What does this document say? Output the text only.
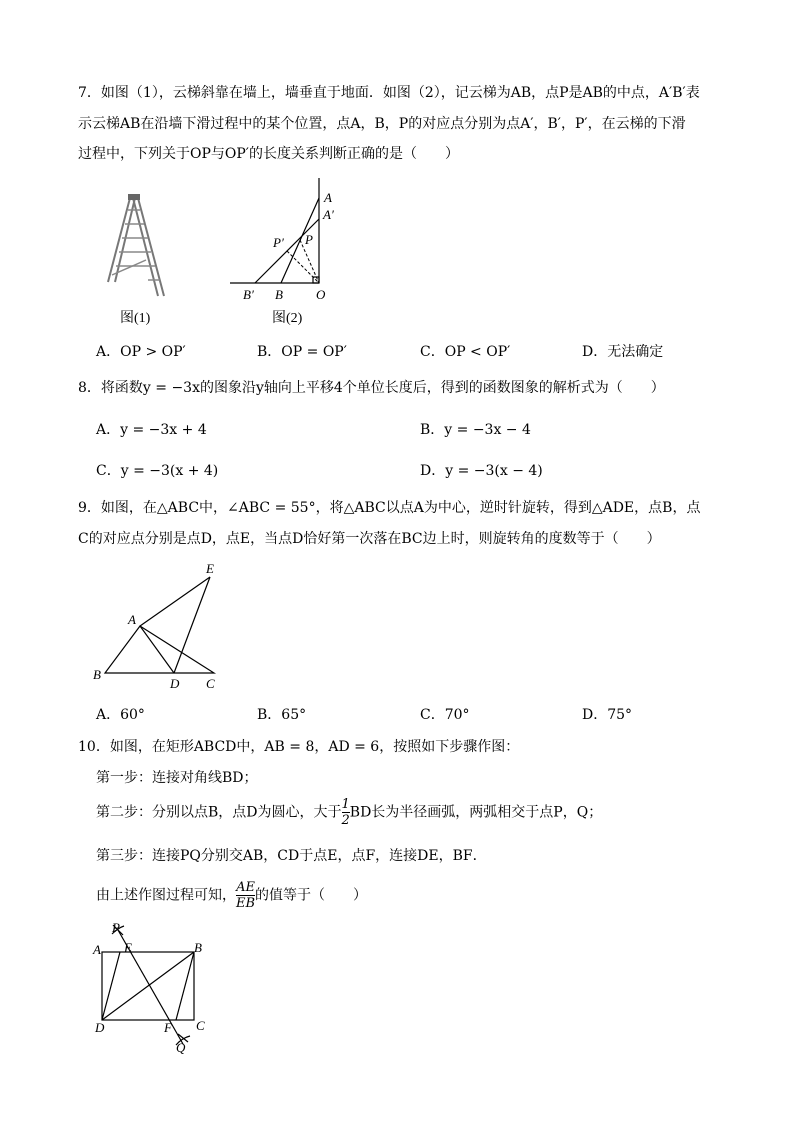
7．如图（1），云梯斜靠在墙上，墙垂直于地面．如图（2），记云梯为AB，点P是AB的中点，A′B′表
示云梯AB在沿墙下滑过程中的某个位置，点A，B，P的对应点分别为点A′，B′，P′，在云梯的下滑
过程中，下列关于OP与OP′的长度关系判断正确的是（　　）
图(1)
A
A′
P
P′
B′ B	O
图(2)
A．OP > OP′	B．OP = OP′	C．OP < OP′	D．无法确定
8．将函数y = −3x的图象沿y轴向上平移4个单位长度后，得到的函数图象的解析式为（　　）
A．y = −3x + 4	B．y = −3x − 4
C．y = −3(x + 4)	D．y = −3(x − 4)
9．如图，在△ABC中，∠ABC = 55°，将△ABC以点A为中心，逆时针旋转，得到△ADE，点B，点
C的对应点分别是点D，点E，当点D恰好第一次落在BC边上时，则旋转角的度数等于（　　）
E
A
B
D C
A．60°	B．65°	C．70°	D．75°
10．如图，在矩形ABCD中，AB = 8，AD = 6，按照如下步骤作图：
第一步：连接对角线BD；
第二步：分别以点B，点D为圆心，大于 $\frac{1}{2}$ BD长为半径画弧，两弧相交于点P，Q；
第三步：连接PQ分别交AB，CD于点E，点F，连接DE，BF．
由上述作图过程可知， $\frac{AE}{EB}$ 的值等于（　　）
P
A E	B
D	F C
Q
